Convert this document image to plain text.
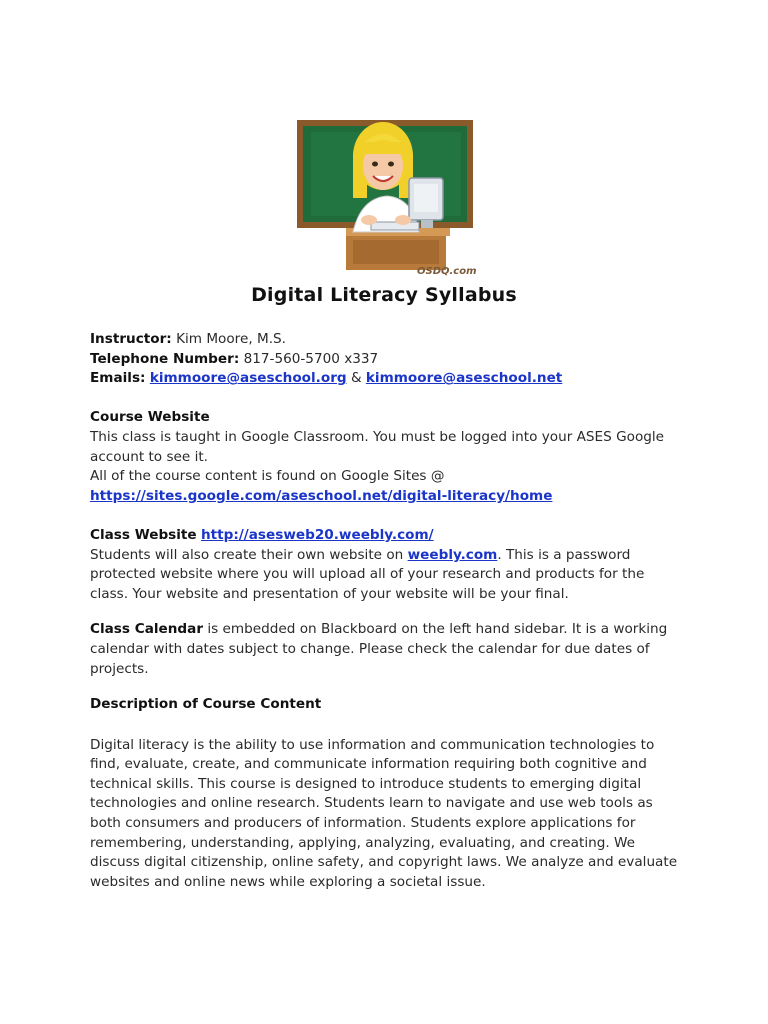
OSDQ.com
Digital Literacy Syllabus

Instructor: Kim Moore, M.S.

Telephone Number: 817-560-5700 x337

Emails: kimmoore@aseschool.org & kimmoore@aseschool.net

Course Website

This class is taught in Google Classroom. You must be logged into your ASES Google account to see it.

All of the course content is found on Google Sites @

https://sites.google.com/aseschool.net/digital-literacy/home

Class Website http://asesweb20.weebly.com/

Students will also create their own website on weebly.com. This is a password protected website where you will upload all of your research and products for the class. Your website and presentation of your website will be your final.

Class Calendar is embedded on Blackboard on the left hand sidebar. It is a working calendar with dates subject to change. Please check the calendar for due dates of projects.

Description of Course Content

Digital literacy is the ability to use information and communication technologies to find, evaluate, create, and communicate information requiring both cognitive and technical skills. This course is designed to introduce students to emerging digital technologies and online research. Students learn to navigate and use web tools as both consumers and producers of information. Students explore applications for remembering, understanding, applying, analyzing, evaluating, and creating. We discuss digital citizenship, online safety, and copyright laws. We analyze and evaluate websites and online news while exploring a societal issue.
